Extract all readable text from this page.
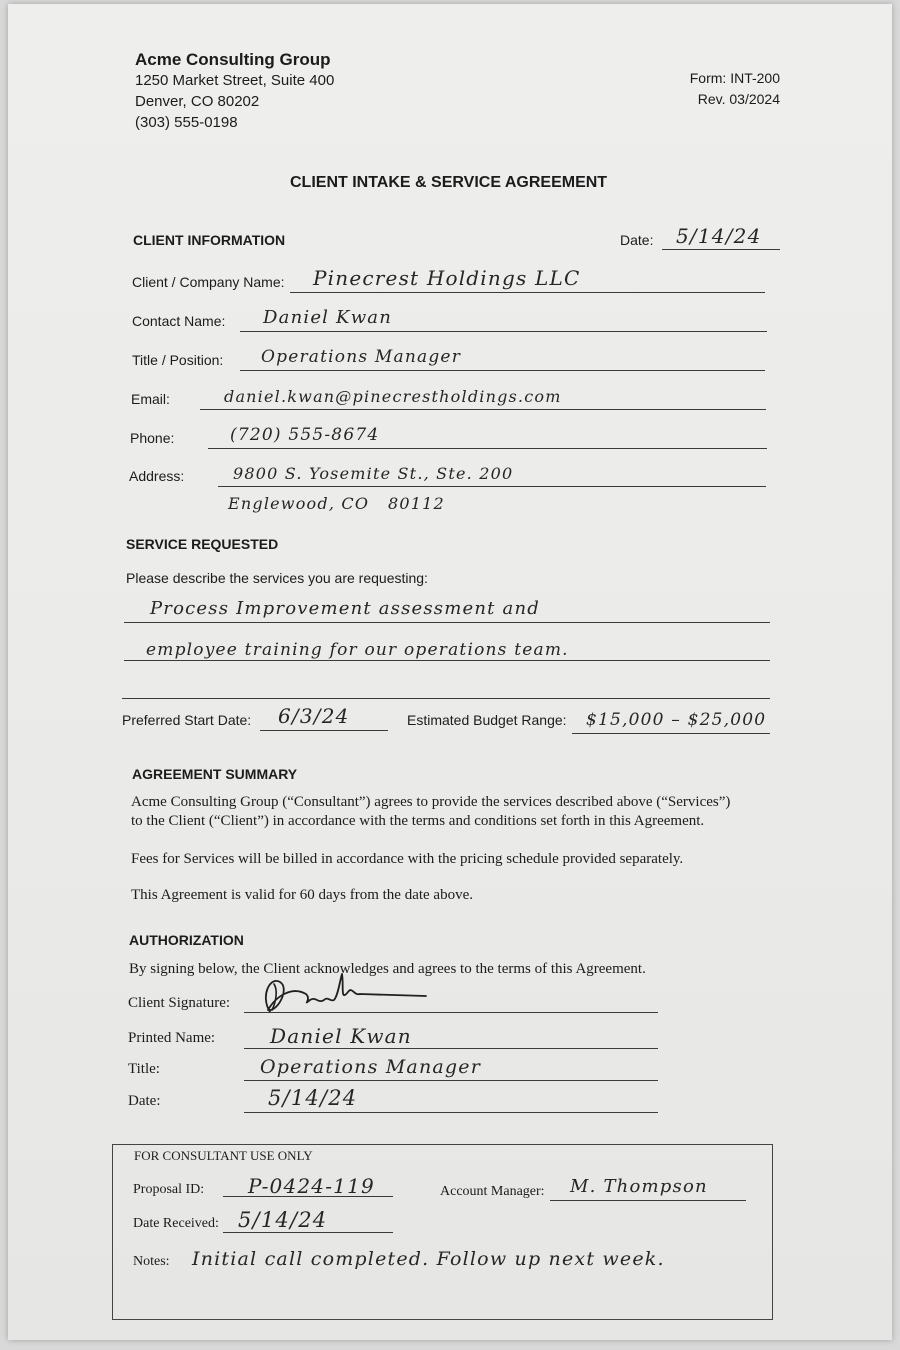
Acme Consulting Group
1250 Market Street, Suite 400
Denver, CO 80202
(303) 555-0198
Form: INT-200
Rev. 03/2024
CLIENT INTAKE & SERVICE AGREEMENT
CLIENT INFORMATION	Date: 5/14/24
Client / Company Name: Pinecrest Holdings LLC
Contact Name: Daniel Kwan
Title / Position: Operations Manager
Email:	daniel.kwan@pinecrestholdings.com
Phone:	(720) 555-8674
Address:	9800 S. Yosemite St., Ste. 200
Englewood, CO   80112
SERVICE REQUESTED
Please describe the services you are requesting:
Process Improvement assessment and
employee training for our operations team.
Preferred Start Date: 6/3/24	Estimated Budget Range: $15,000 – $25,000
AGREEMENT SUMMARY
Acme Consulting Group (“Consultant”) agrees to provide the services described above (“Services”)
to the Client (“Client”) in accordance with the terms and conditions set forth in this Agreement.
Fees for Services will be billed in accordance with the pricing schedule provided separately.
This Agreement is valid for 60 days from the date above.
AUTHORIZATION
By signing below, the Client acknowledges and agrees to the terms of this Agreement.
Client Signature:
Printed Name:	Daniel Kwan
Title:	Operations Manager
Date:	5/14/24
FOR CONSULTANT USE ONLY
Proposal ID: P-0424-119	Account Manager: M. Thompson
Date Received: 5/14/24
Notes: Initial call completed. Follow up next week.
